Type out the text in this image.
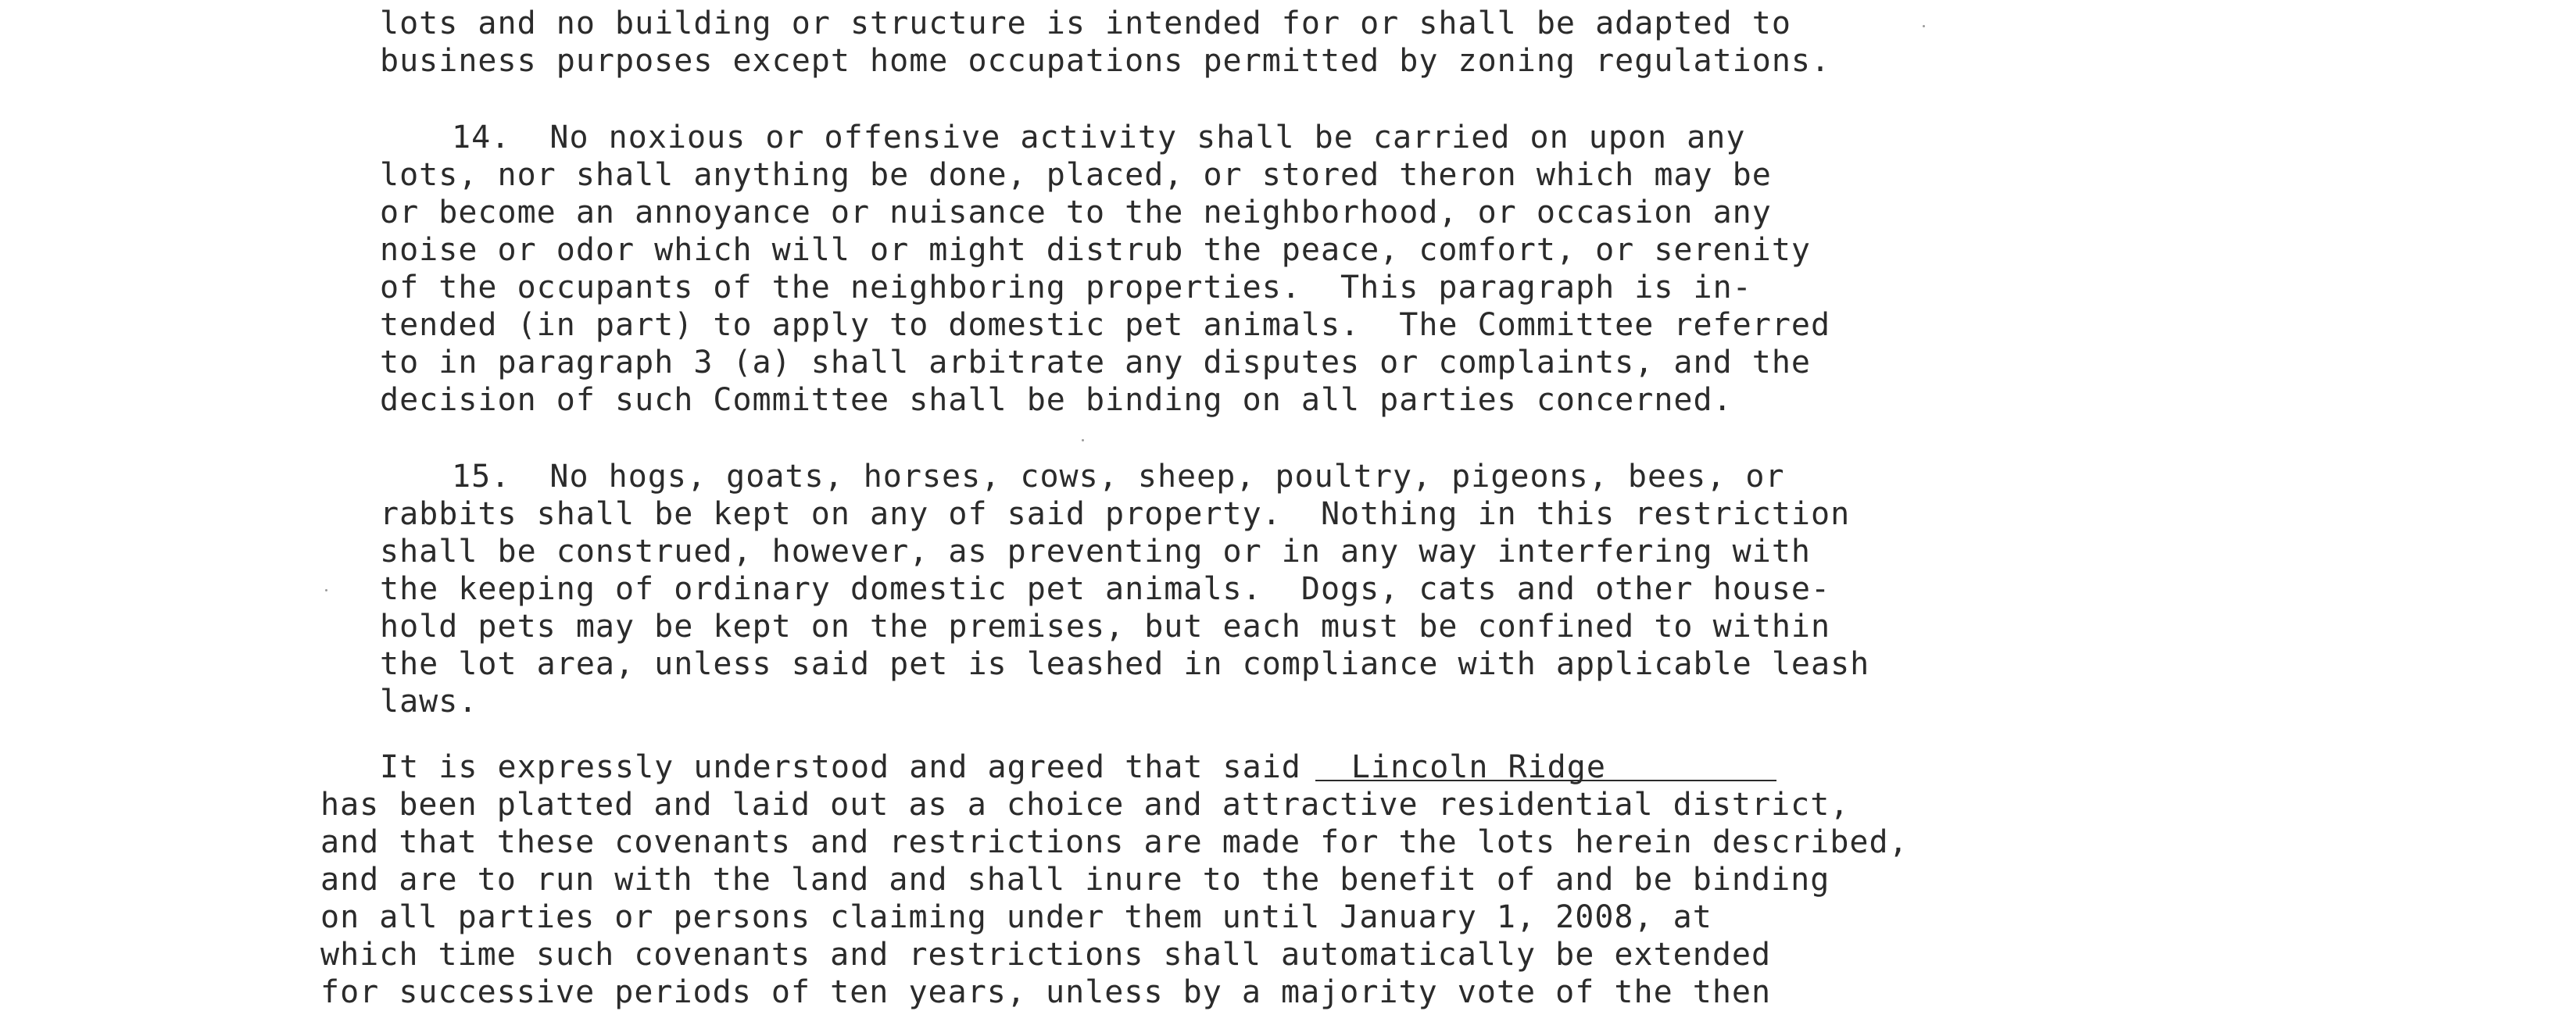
lots and no building or structure is intended for or shall be adapted to
business purposes except home occupations permitted by zoning regulations.
14.  No noxious or offensive activity shall be carried on upon any
lots, nor shall anything be done, placed, or stored theron which may be
or become an annoyance or nuisance to the neighborhood, or occasion any
noise or odor which will or might distrub the peace, comfort, or serenity
of the occupants of the neighboring properties.  This paragraph is in-
tended (in part) to apply to domestic pet animals.  The Committee referred
to in paragraph 3 (a) shall arbitrate any disputes or complaints, and the
decision of such Committee shall be binding on all parties concerned.
15.  No hogs, goats, horses, cows, sheep, poultry, pigeons, bees, or
rabbits shall be kept on any of said property.  Nothing in this restriction
shall be construed, however, as preventing or in any way interfering with
the keeping of ordinary domestic pet animals.  Dogs, cats and other house-
hold pets may be kept on the premises, but each must be confined to within
the lot area, unless said pet is leashed in compliance with applicable leash
laws.
It is expressly understood and agreed that said Lincoln Ridge
has been platted and laid out as a choice and attractive residential district,
and that these covenants and restrictions are made for the lots herein described,
and are to run with the land and shall inure to the benefit of and be binding
on all parties or persons claiming under them until January 1, 2008, at
which time such covenants and restrictions shall automatically be extended
for successive periods of ten years, unless by a majority vote of the then
